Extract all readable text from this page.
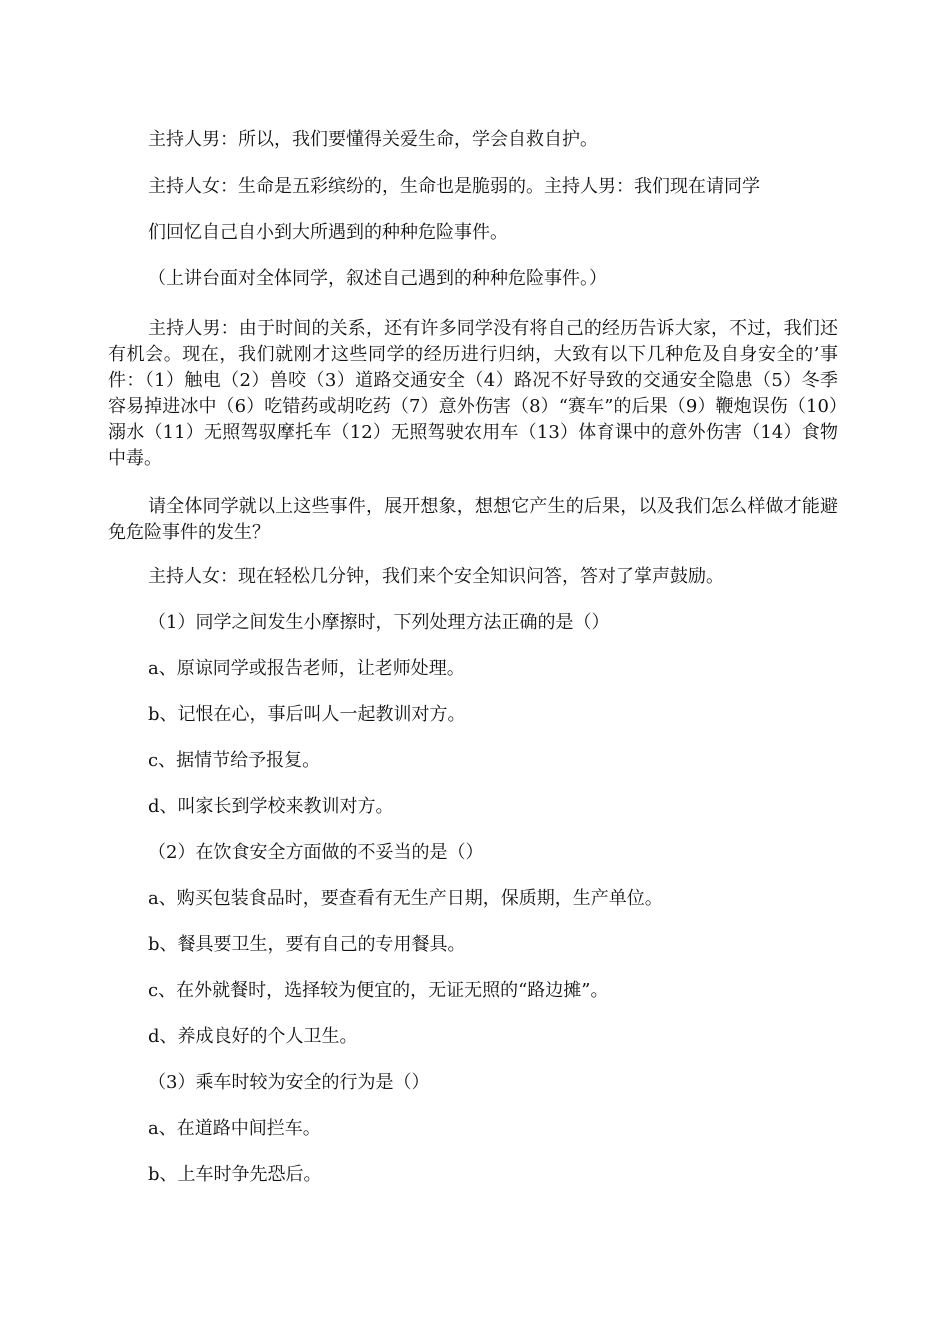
主持人男：所以，我们要懂得关爱生命，学会自救自护。
主持人女：生命是五彩缤纷的，生命也是脆弱的。主持人男：我们现在请同学
们回忆自己自小到大所遇到的种种危险事件。
（上讲台面对全体同学，叙述自己遇到的种种危险事件。）
主持人男：由于时间的关系，还有许多同学没有将自己的经历告诉大家，不过，我们还有机会。现在，我们就刚才这些同学的经历进行归纳，大致有以下几种危及自身安全的’事件：（1）触电（2）兽咬（3）道路交通安全（4）路况不好导致的交通安全隐患（5）冬季容易掉进冰中（6）吃错药或胡吃药（7）意外伤害（8）“赛车”的后果（9）鞭炮误伤（10）溺水（11）无照驾驭摩托车（12）无照驾驶农用车（13）体育课中的意外伤害（14）食物中毒。
请全体同学就以上这些事件，展开想象，想想它产生的后果，以及我们怎么样做才能避免危险事件的发生？
主持人女：现在轻松几分钟，我们来个安全知识问答，答对了掌声鼓励。
（1）同学之间发生小摩擦时，下列处理方法正确的是（）
a、原谅同学或报告老师，让老师处理。
b、记恨在心，事后叫人一起教训对方。
c、据情节给予报复。
d、叫家长到学校来教训对方。
（2）在饮食安全方面做的不妥当的是（）
a、购买包装食品时，要查看有无生产日期，保质期，生产单位。
b、餐具要卫生，要有自己的专用餐具。
c、在外就餐时，选择较为便宜的，无证无照的“路边摊”。
d、养成良好的个人卫生。
（3）乘车时较为安全的行为是（）
a、在道路中间拦车。
b、上车时争先恐后。
